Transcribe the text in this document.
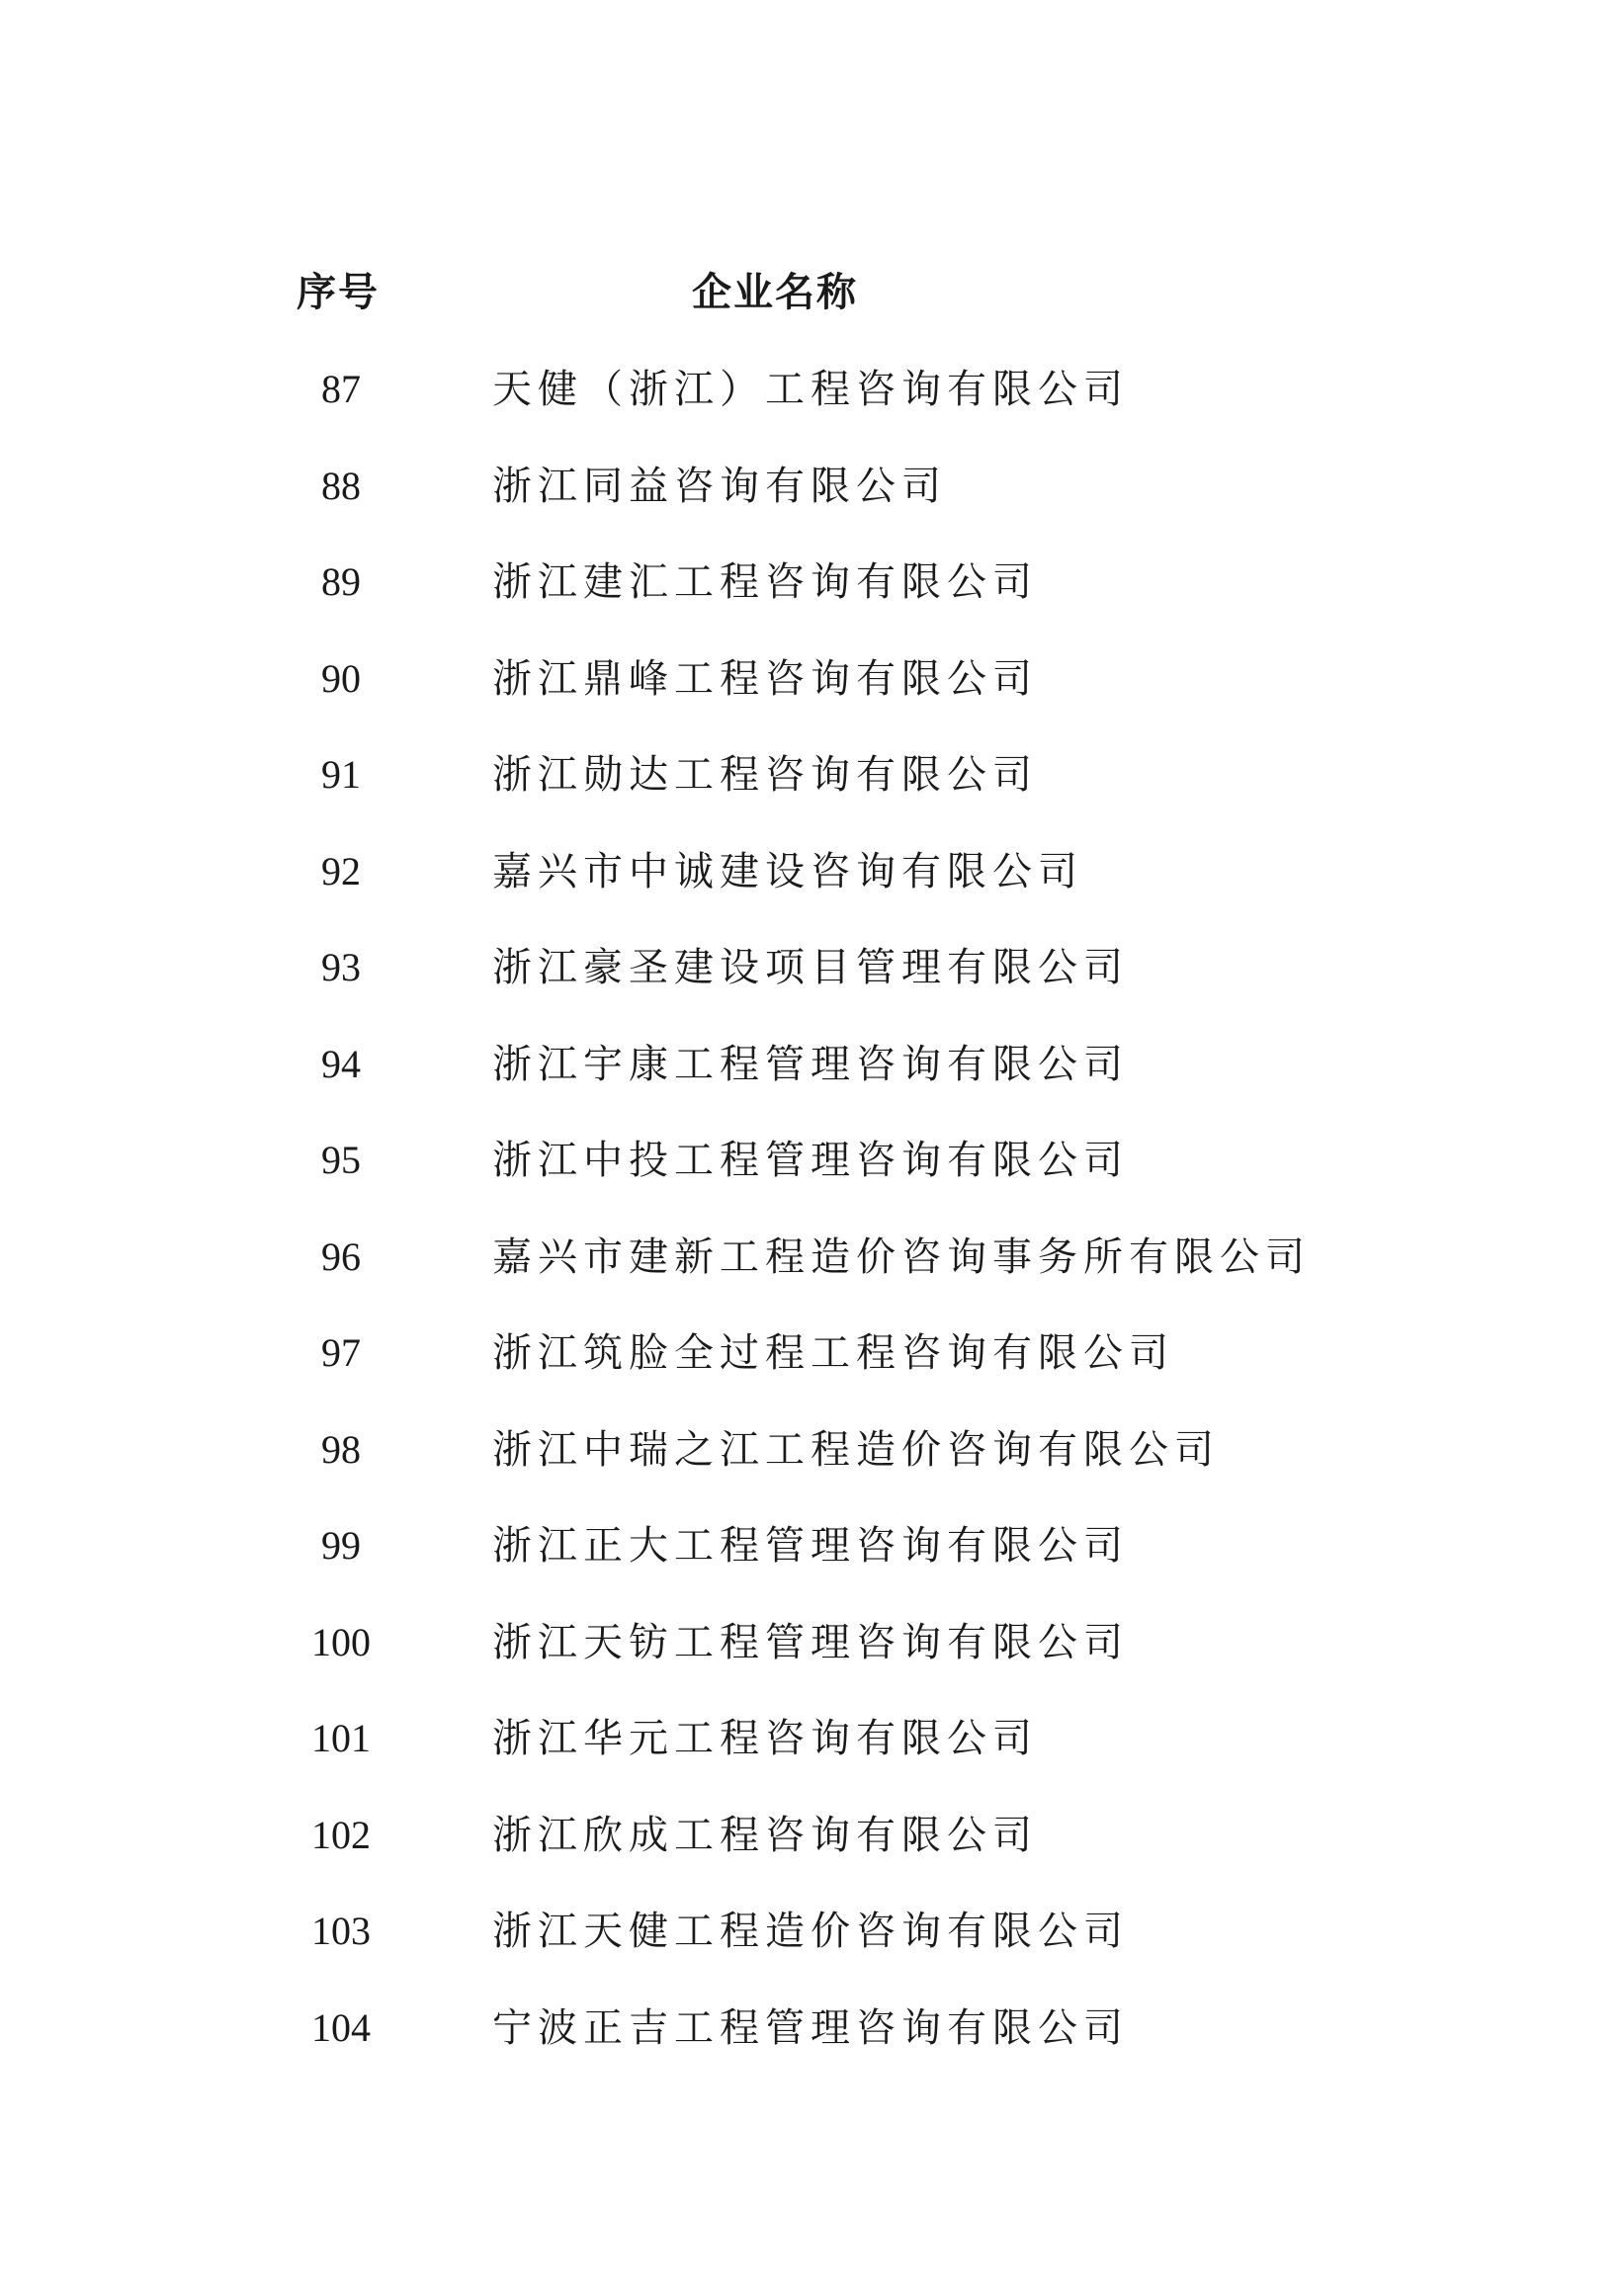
序号	企业名称
87	天健（浙江）工程咨询有限公司
88	浙江同益咨询有限公司
89	浙江建汇工程咨询有限公司
90	浙江鼎峰工程咨询有限公司
91	浙江勋达工程咨询有限公司
92	嘉兴市中诚建设咨询有限公司
93	浙江豪圣建设项目管理有限公司
94	浙江宇康工程管理咨询有限公司
95	浙江中投工程管理咨询有限公司
96	嘉兴市建新工程造价咨询事务所有限公司
97	浙江筑脸全过程工程咨询有限公司
98	浙江中瑞之江工程造价咨询有限公司
99	浙江正大工程管理咨询有限公司
100	浙江天钫工程管理咨询有限公司
101	浙江华元工程咨询有限公司
102	浙江欣成工程咨询有限公司
103	浙江天健工程造价咨询有限公司
104	宁波正吉工程管理咨询有限公司
